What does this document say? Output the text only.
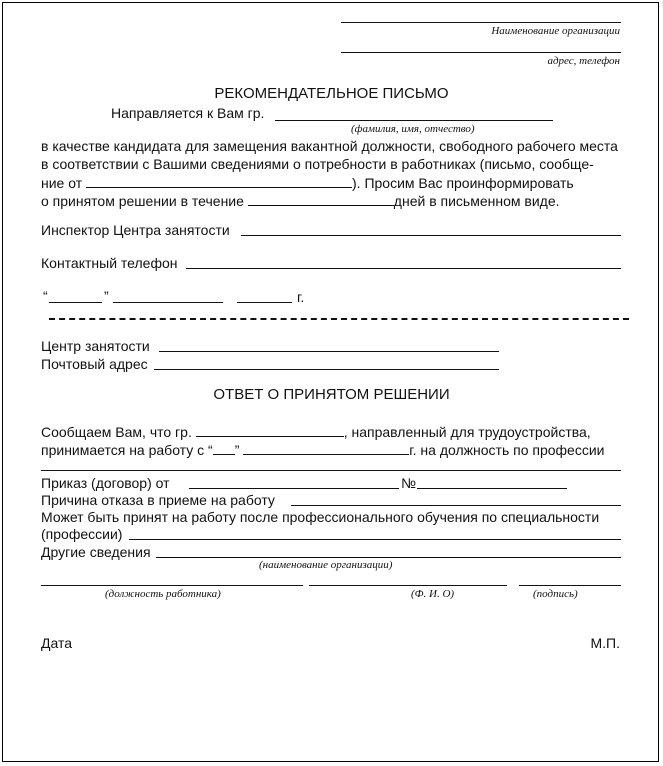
Наименование организации
адрес, телефон
РЕКОМЕНДАТЕЛЬНОЕ ПИСЬМО
Направляется к Вам гр.
(фамилия, имя, отчество)
в качестве кандидата для замещения вакантной должности, свободного рабочего места
в соответствии с Вашими сведениями о потребности в работниках (письмо, сообще-
ние от	). Просим Вас проинформировать
о принятом решении в течение	дней в письменном виде.
Инспектор Центра занятости
Контактный телефон
“	”	г.
Центр занятости
Почтовый адрес
ОТВЕТ О ПРИНЯТОМ РЕШЕНИИ
Сообщаем Вам, что гр.	, направленный для трудоустройства,
принимается на работу с “ ”	г. на должность по профессии
Приказ (договор) от	№
Причина отказа в приеме на работу
Может быть принят на работу после профессионального обучения по специальности
(профессии)
Другие сведения
(наименование организации)
(должность работника)	(Ф. И. О)	(подпись)
Дата	М.П.
